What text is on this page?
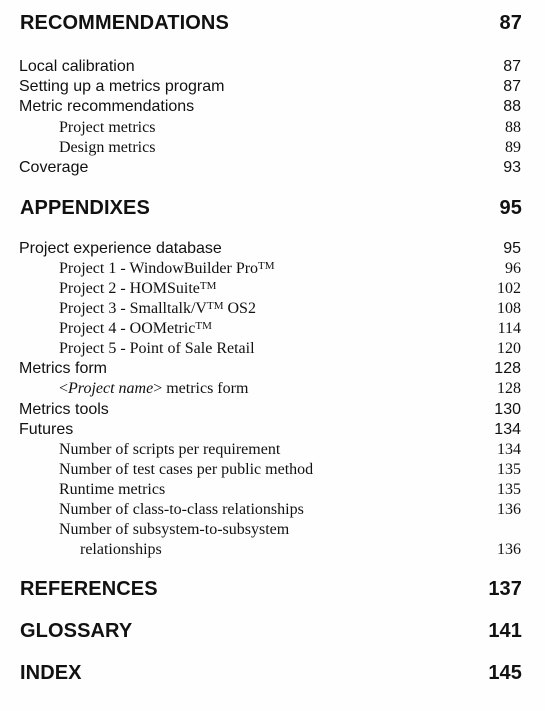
RECOMMENDATIONS	87
Local calibration	87
Setting up a metrics program	87
Metric recommendations	88
Project metrics	88
Design metrics	89
Coverage	93
APPENDIXES	95
Project experience database	95
Project 1 - WindowBuilder Pro™	96
Project 2 - HOMSuite™	102
Project 3 - Smalltalk/V™ OS2	108
Project 4 - OOMetric™	114
Project 5 - Point of Sale Retail	120
Metrics form	128
<Project name> metrics form	128
Metrics tools	130
Futures	134
Number of scripts per requirement	134
Number of test cases per public method	135
Runtime metrics	135
Number of class-to-class relationships	136
Number of subsystem-to-subsystem
relationships	136
REFERENCES	137
GLOSSARY	141
INDEX	145
